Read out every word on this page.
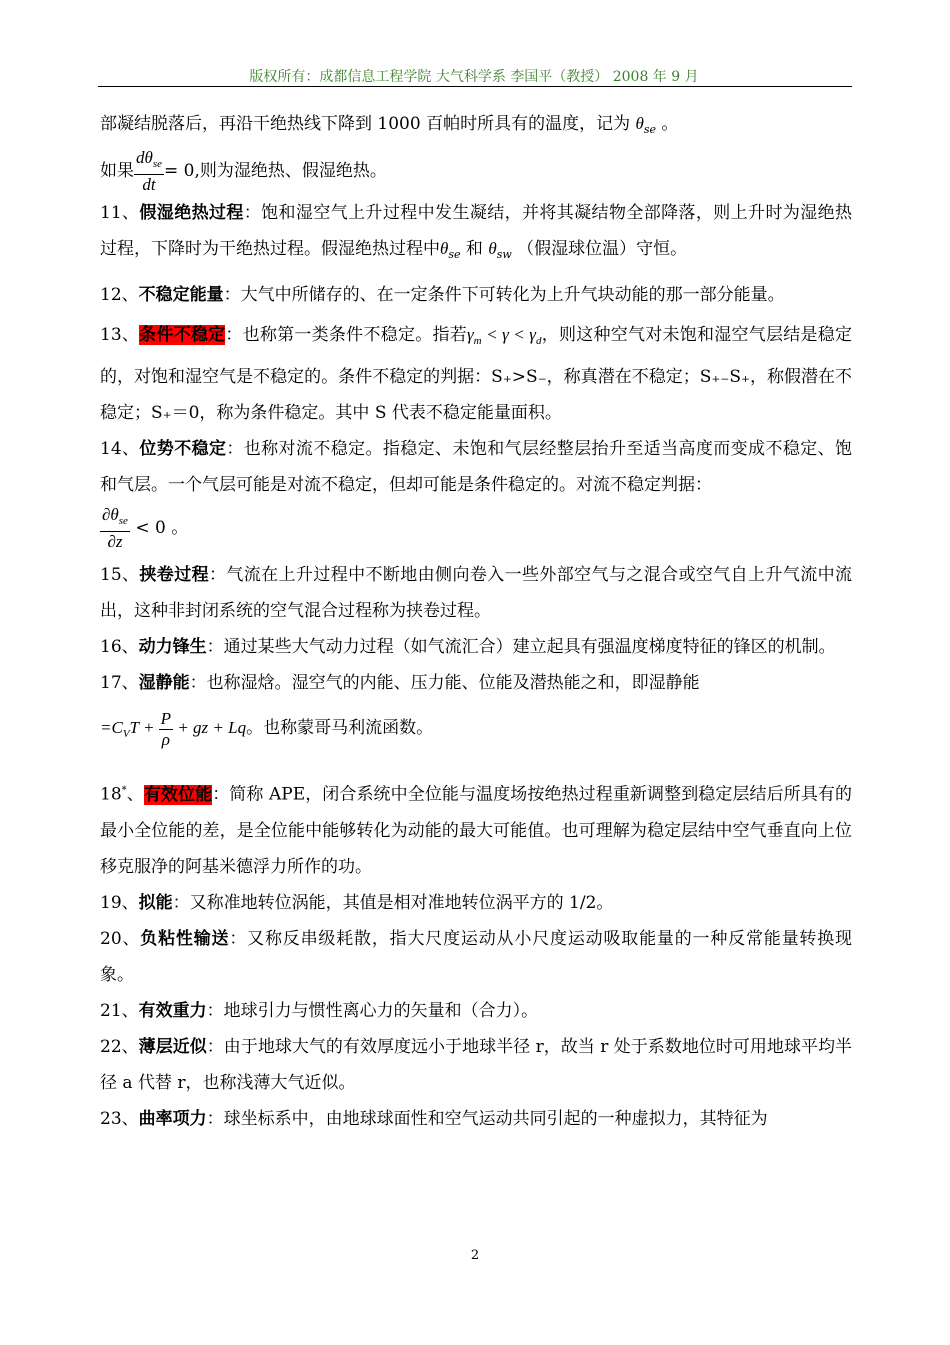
版权所有：成都信息工程学院 大气科学系 李国平（教授） 2008 年 9 月

部凝结脱落后，再沿干绝热线下降到 1000 百帕时所具有的温度，记为 $\theta_{se}$ 。

如果 $\frac{d\theta_{se}}{dt} = 0$,则为湿绝热、假湿绝热。

11、假湿绝热过程：饱和湿空气上升过程中发生凝结，并将其凝结物全部降落，则上升时为湿绝热过程，下降时为干绝热过程。假湿绝热过程中$\theta_{se}$ 和 $\theta_{sw}$ （假湿球位温）守恒。

12、不稳定能量：大气中所储存的、在一定条件下可转化为上升气块动能的那一部分能量。

13、条件不稳定：也称第一类条件不稳定。指若$\gamma_m < \gamma < \gamma_d$，则这种空气对未饱和湿空气层结是稳定的，对饱和湿空气是不稳定的。条件不稳定的判据：S₊>S₋，称真潜在不稳定；S₊₋S₊，称假潜在不稳定；S₊＝0，称为条件稳定。其中 S 代表不稳定能量面积。

14、位势不稳定：也称对流不稳定。指稳定、未饱和气层经整层抬升至适当高度而变成不稳定、饱和气层。一个气层可能是对流不稳定，但却可能是条件稳定的。对流不稳定判据：

$\frac{\partial\theta_{se}}{\partial z} < 0$ 。

15、挟卷过程：气流在上升过程中不断地由侧向卷入一些外部空气与之混合或空气自上升气流中流出，这种非封闭系统的空气混合过程称为挟卷过程。

16、动力锋生：通过某些大气动力过程（如气流汇合）建立起具有强温度梯度特征的锋区的机制。

17、湿静能：也称湿焓。湿空气的内能、压力能、位能及潜热能之和，即湿静能

$=C_VT + \frac{P}{\rho}$ + gz + Lq。也称蒙哥马利流函数。

18*、有效位能：简称 APE，闭合系统中全位能与温度场按绝热过程重新调整到稳定层结后所具有的最小全位能的差，是全位能中能够转化为动能的最大可能值。也可理解为稳定层结中空气垂直向上位移克服净的阿基米德浮力所作的功。

19、拟能：又称准地转位涡能，其值是相对准地转位涡平方的 1/2。

20、负粘性输送：又称反串级耗散，指大尺度运动从小尺度运动吸取能量的一种反常能量转换现象。

21、有效重力：地球引力与惯性离心力的矢量和（合力）。

22、薄层近似：由于地球大气的有效厚度远小于地球半径 r，故当 r 处于系数地位时可用地球平均半径 a 代替 r，也称浅薄大气近似。

23、曲率项力：球坐标系中，由地球球面性和空气运动共同引起的一种虚拟力，其特征为

2
